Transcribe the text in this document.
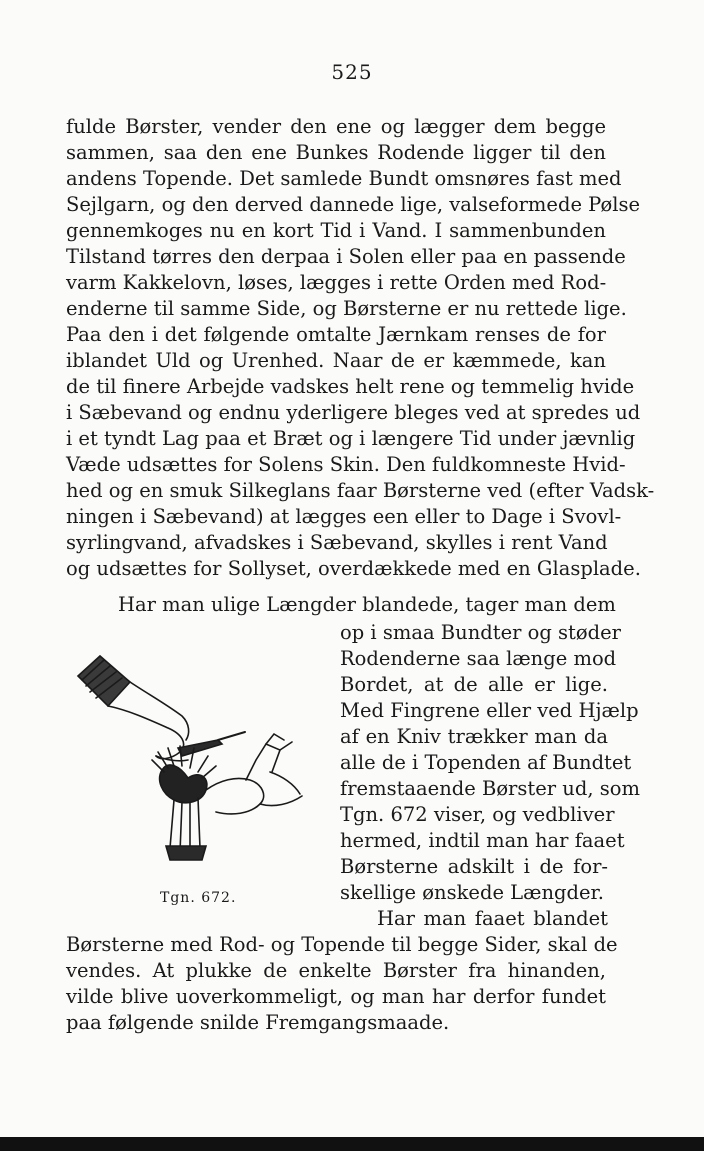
525
fulde Børster, vender den ene og lægger dem begge
sammen, saa den ene Bunkes Rodende ligger til den
andens Topende. Det samlede Bundt omsnøres fast med
Sejlgarn, og den derved dannede lige, valseformede Pølse
gennemkoges nu en kort Tid i Vand. I sammenbunden
Tilstand tørres den derpaa i Solen eller paa en passende
varm Kakkelovn, løses, lægges i rette Orden med Rod-
enderne til samme Side, og Børsterne er nu rettede lige.
Paa den i det følgende omtalte Jærnkam renses de for
iblandet Uld og Urenhed. Naar de er kæmmede, kan
de til finere Arbejde vadskes helt rene og temmelig hvide
i Sæbevand og endnu yderligere bleges ved at spredes ud
i et tyndt Lag paa et Bræt og i længere Tid under jævnlig
Væde udsættes for Solens Skin. Den fuldkomneste Hvid-
hed og en smuk Silkeglans faar Børsterne ved (efter Vadsk-
ningen i Sæbevand) at lægges een eller to Dage i Svovl-
syrlingvand, afvadskes i Sæbevand, skylles i rent Vand
og udsættes for Sollyset, overdækkede med en Glasplade.
Har man ulige Længder blandede, tager man dem
Tgn. 672.
op i smaa Bundter og støder
Rodenderne saa længe mod
Bordet, at de alle er lige.
Med Fingrene eller ved Hjælp
af en Kniv trækker man da
alle de i Topenden af Bundtet
fremstaaende Børster ud, som
Tgn. 672 viser, og vedbliver
hermed, indtil man har faaet
Børsterne adskilt i de for-
skellige ønskede Længder.
Har man faaet blandet
Børsterne med Rod- og Topende til begge Sider, skal de
vendes. At plukke de enkelte Børster fra hinanden,
vilde blive uoverkommeligt, og man har derfor fundet
paa følgende snilde Fremgangsmaade.
